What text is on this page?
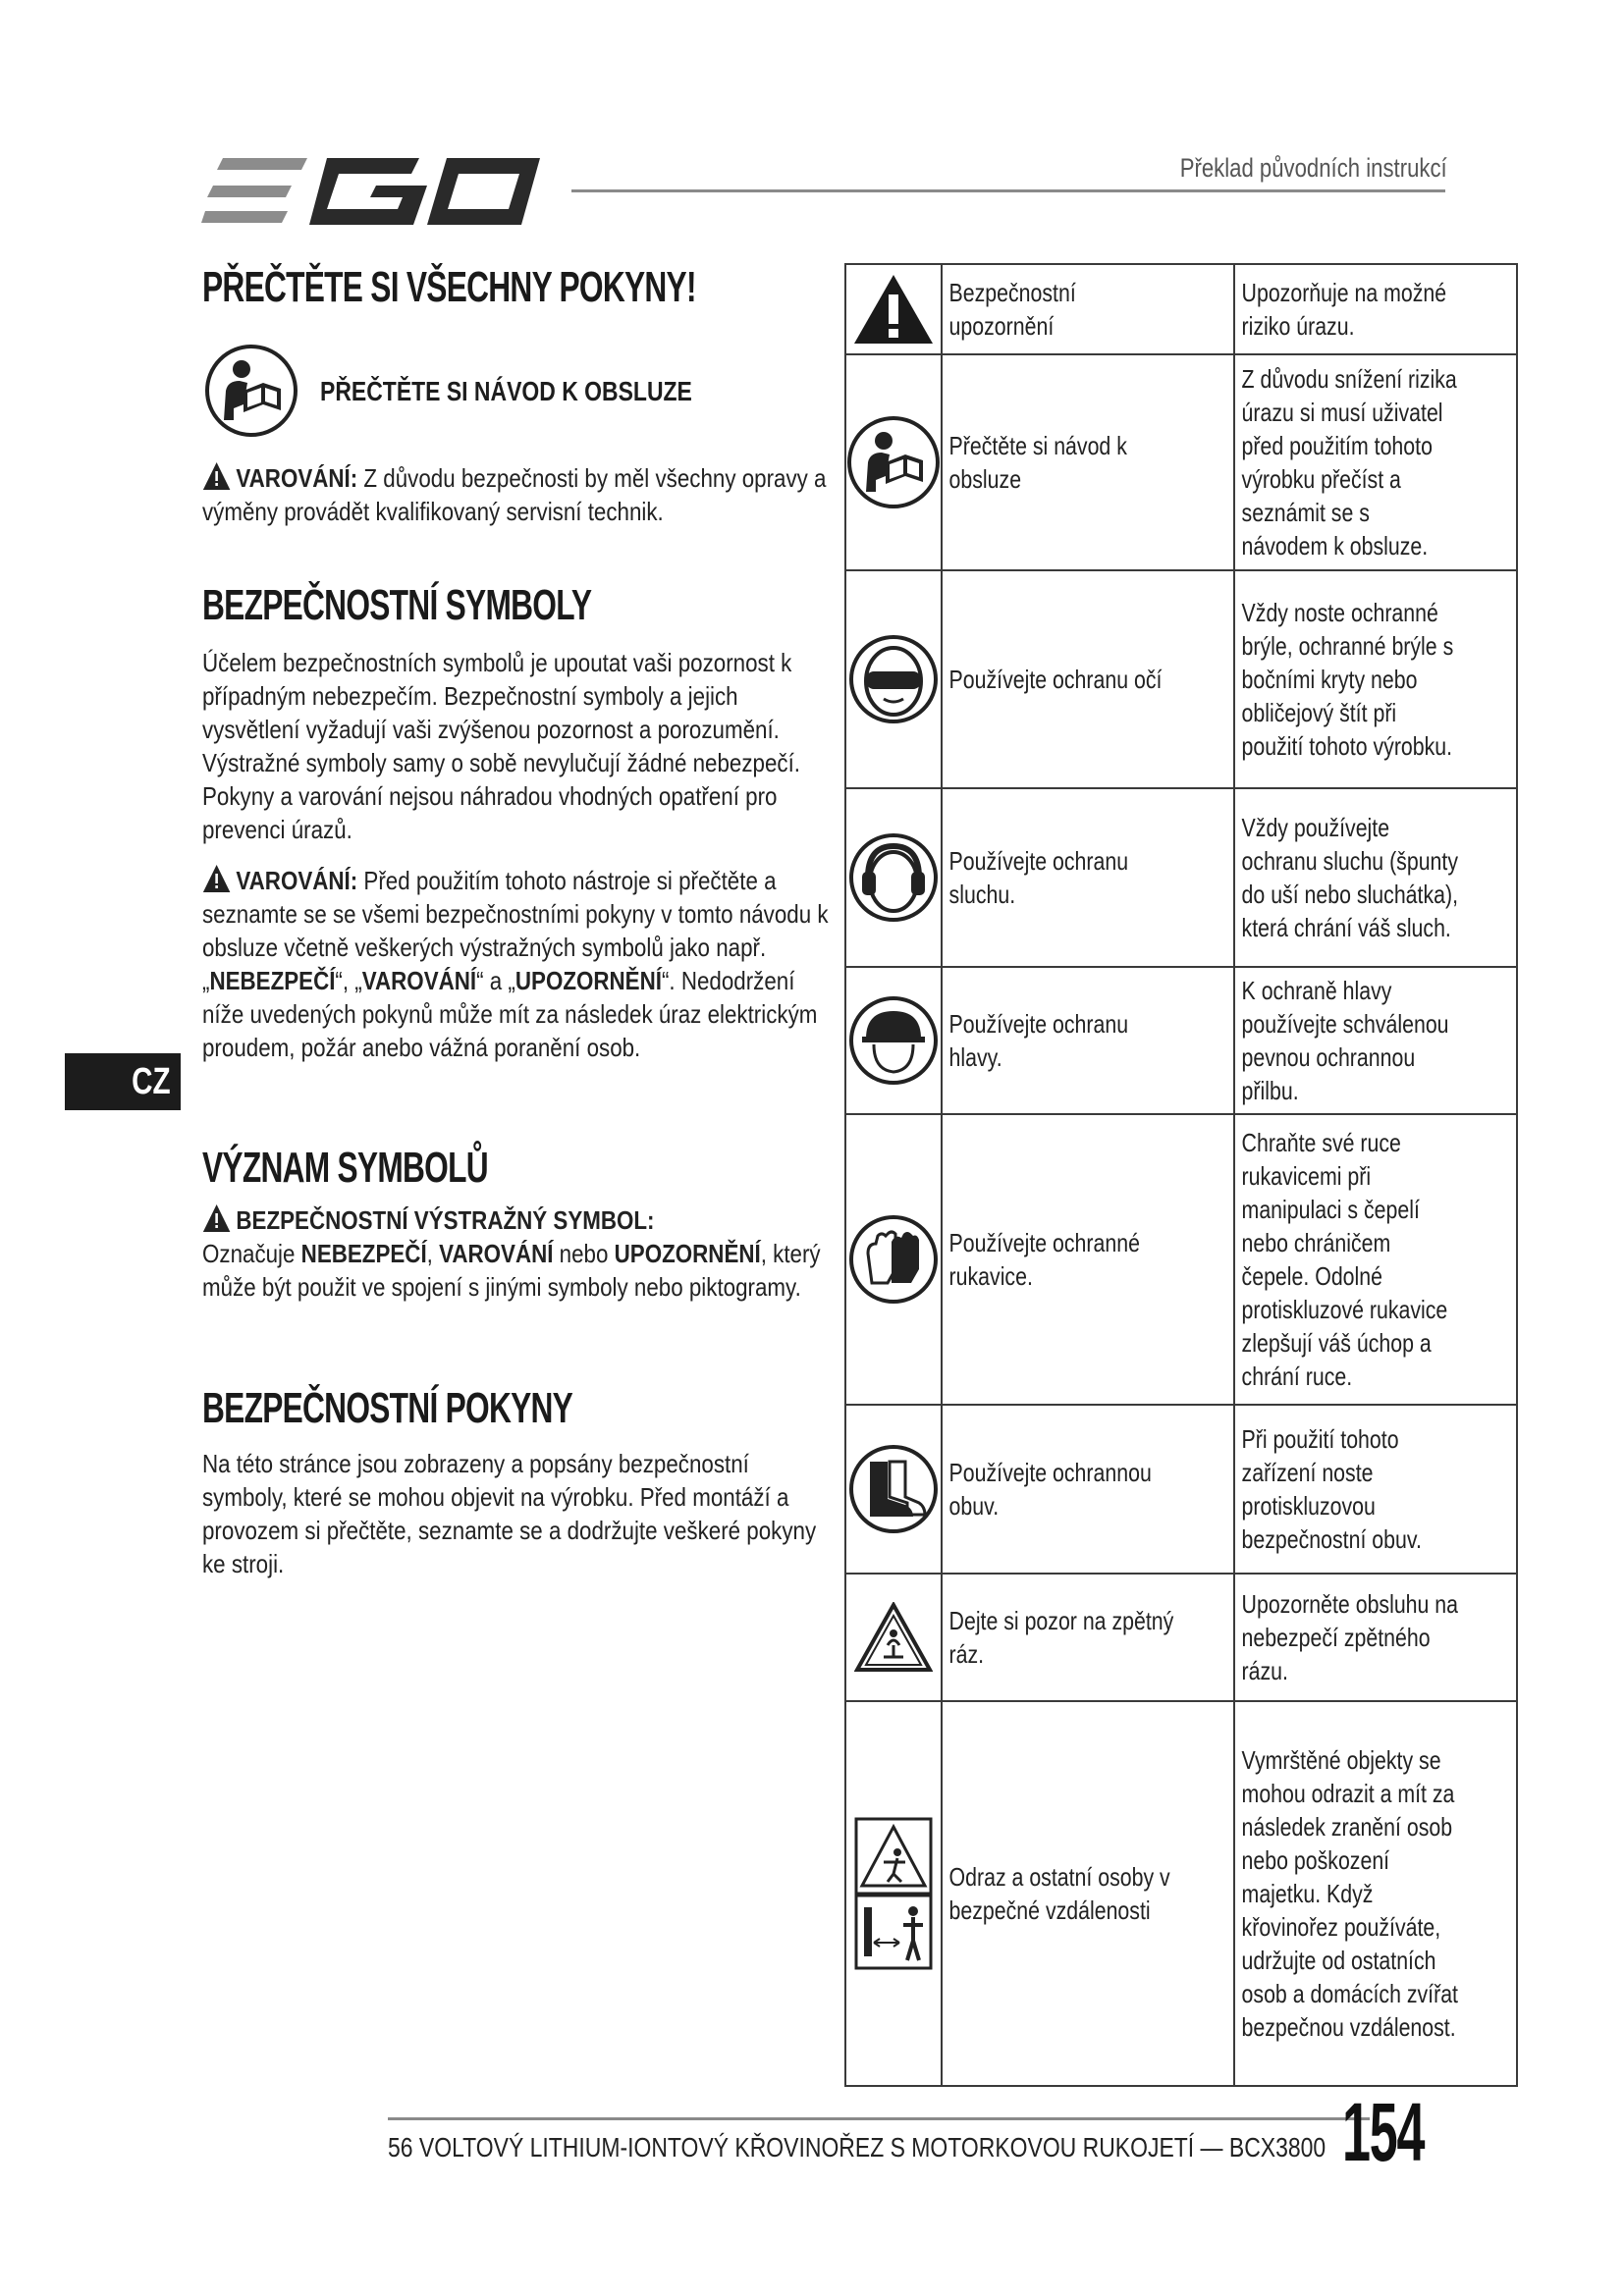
EGO
Překlad původních instrukcí
PŘEČTĚTE SI VŠECHNY POKYNY!
PŘEČTĚTE SI NÁVOD K OBSLUZE
VAROVÁNÍ: Z důvodu bezpečnosti by měl všechny opravy a výměny provádět kvalifikovaný servisní technik.
BEZPEČNOSTNÍ SYMBOLY
Účelem bezpečnostních symbolů je upoutat vaši pozornost k případným nebezpečím. Bezpečnostní symboly a jejich vysvětlení vyžadují vaši zvýšenou pozornost a porozumění. Výstražné symboly samy o sobě nevylučují žádné nebezpečí. Pokyny a varování nejsou náhradou vhodných opatření pro prevenci úrazů.
VAROVÁNÍ: Před použitím tohoto nástroje si přečtěte a seznamte se se všemi bezpečnostními pokyny v tomto návodu k obsluze včetně veškerých výstražných symbolů jako např. „NEBEZPEČÍ“, „VAROVÁNÍ“ a „UPOZORNĚNÍ“. Nedodržení níže uvedených pokynů může mít za následek úraz elektrickým proudem, požár anebo vážná poranění osob.
CZ
VÝZNAM SYMBOLŮ
BEZPEČNOSTNÍ VÝSTRAŽNÝ SYMBOL:
Označuje NEBEZPEČÍ, VAROVÁNÍ nebo UPOZORNĚNÍ, který může být použit ve spojení s jinými symboly nebo piktogramy.
BEZPEČNOSTNÍ POKYNY
Na této stránce jsou zobrazeny a popsány bezpečnostní symboly, které se mohou objevit na výrobku. Před montáží a provozem si přečtěte, seznamte se a dodržujte veškeré pokyny ke stroji.

Bezpečnostní upozornění	Upozorňuje na možné riziko úrazu.

Přečtěte si návod k obsluze	Z důvodu snížení rizika úrazu si musí uživatel před použitím tohoto výrobku přečíst a seznámit se s návodem k obsluze.

Používejte ochranu očí	Vždy noste ochranné brýle, ochranné brýle s bočními kryty nebo obličejový štít při použití tohoto výrobku.

Používejte ochranu sluchu.	Vždy používejte ochranu sluchu (špunty do uší nebo sluchátka), která chrání váš sluch.

Používejte ochranu hlavy.	K ochraně hlavy používejte schválenou pevnou ochrannou přilbu.

Používejte ochranné rukavice.	Chraňte své ruce rukavicemi při manipulaci s čepelí nebo chráničem čepele. Odolné protiskluzové rukavice zlepšují váš úchop a chrání ruce.

Používejte ochrannou obuv.	Při použití tohoto zařízení noste protiskluzovou bezpečnostní obuv.

Dejte si pozor na zpětný ráz.	Upozorněte obsluhu na nebezpečí zpětného rázu.

Odraz a ostatní osoby v bezpečné vzdálenosti	Vymrštěné objekty se mohou odrazit a mít za následek zranění osob nebo poškození majetku. Když křovinořez používáte, udržujte od ostatních osob a domácích zvířat bezpečnou vzdálenost.
56 VOLTOVÝ LITHIUM-IONTOVÝ KŘOVINOŘEZ S MOTORKOVOU RUKOJETÍ — BCX3800 154
